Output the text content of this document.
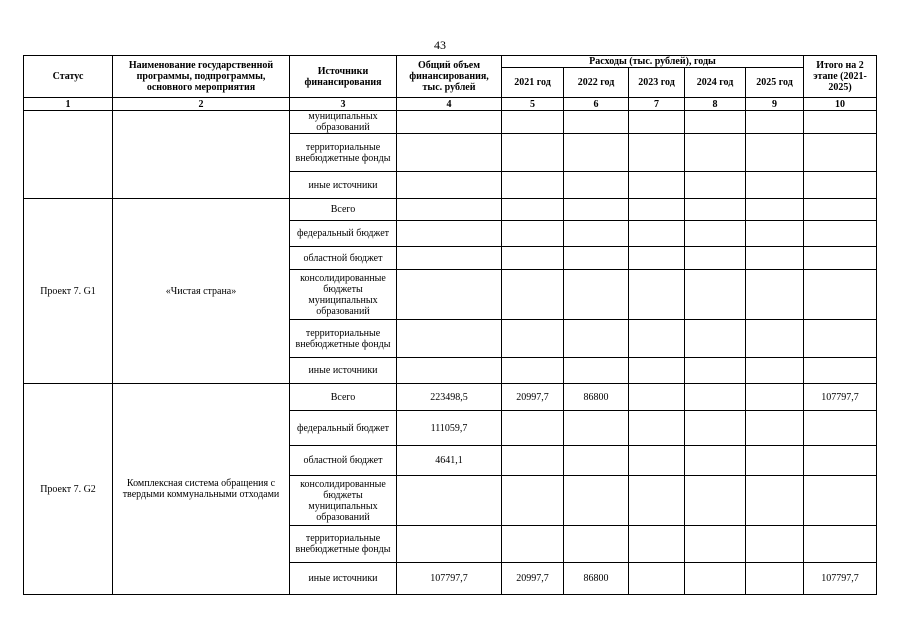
43
Статус	Наименование государственной программы, подпрограммы, основного мероприятия	Источники финансирования	Общий объем финансирования, тыс. рублей	Расходы (тыс. рублей), годы					Итого на 2 этапе (2021-2025)
				2021 год	2022 год	2023 год	2024 год	2025 год	
1	2	3	4	5	6	7	8	9	10
		муниципальных образований							
		территориальные внебюджетные фонды							
		иные источники							
Проект 7. G1	«Чистая страна»	Всего							
		федеральный бюджет							
		областной бюджет							
		консолидированные бюджеты муниципальных образований							
		территориальные внебюджетные фонды							
		иные источники							
Проект 7. G2	Комплексная система обращения с твердыми коммунальными отходами	Всего	223498,5	20997,7	86800				107797,7
		федеральный бюджет	111059,7						
		областной бюджет	4641,1						
		консолидированные бюджеты муниципальных образований							
		территориальные внебюджетные фонды							
		иные источники	107797,7	20997,7	86800				107797,7
